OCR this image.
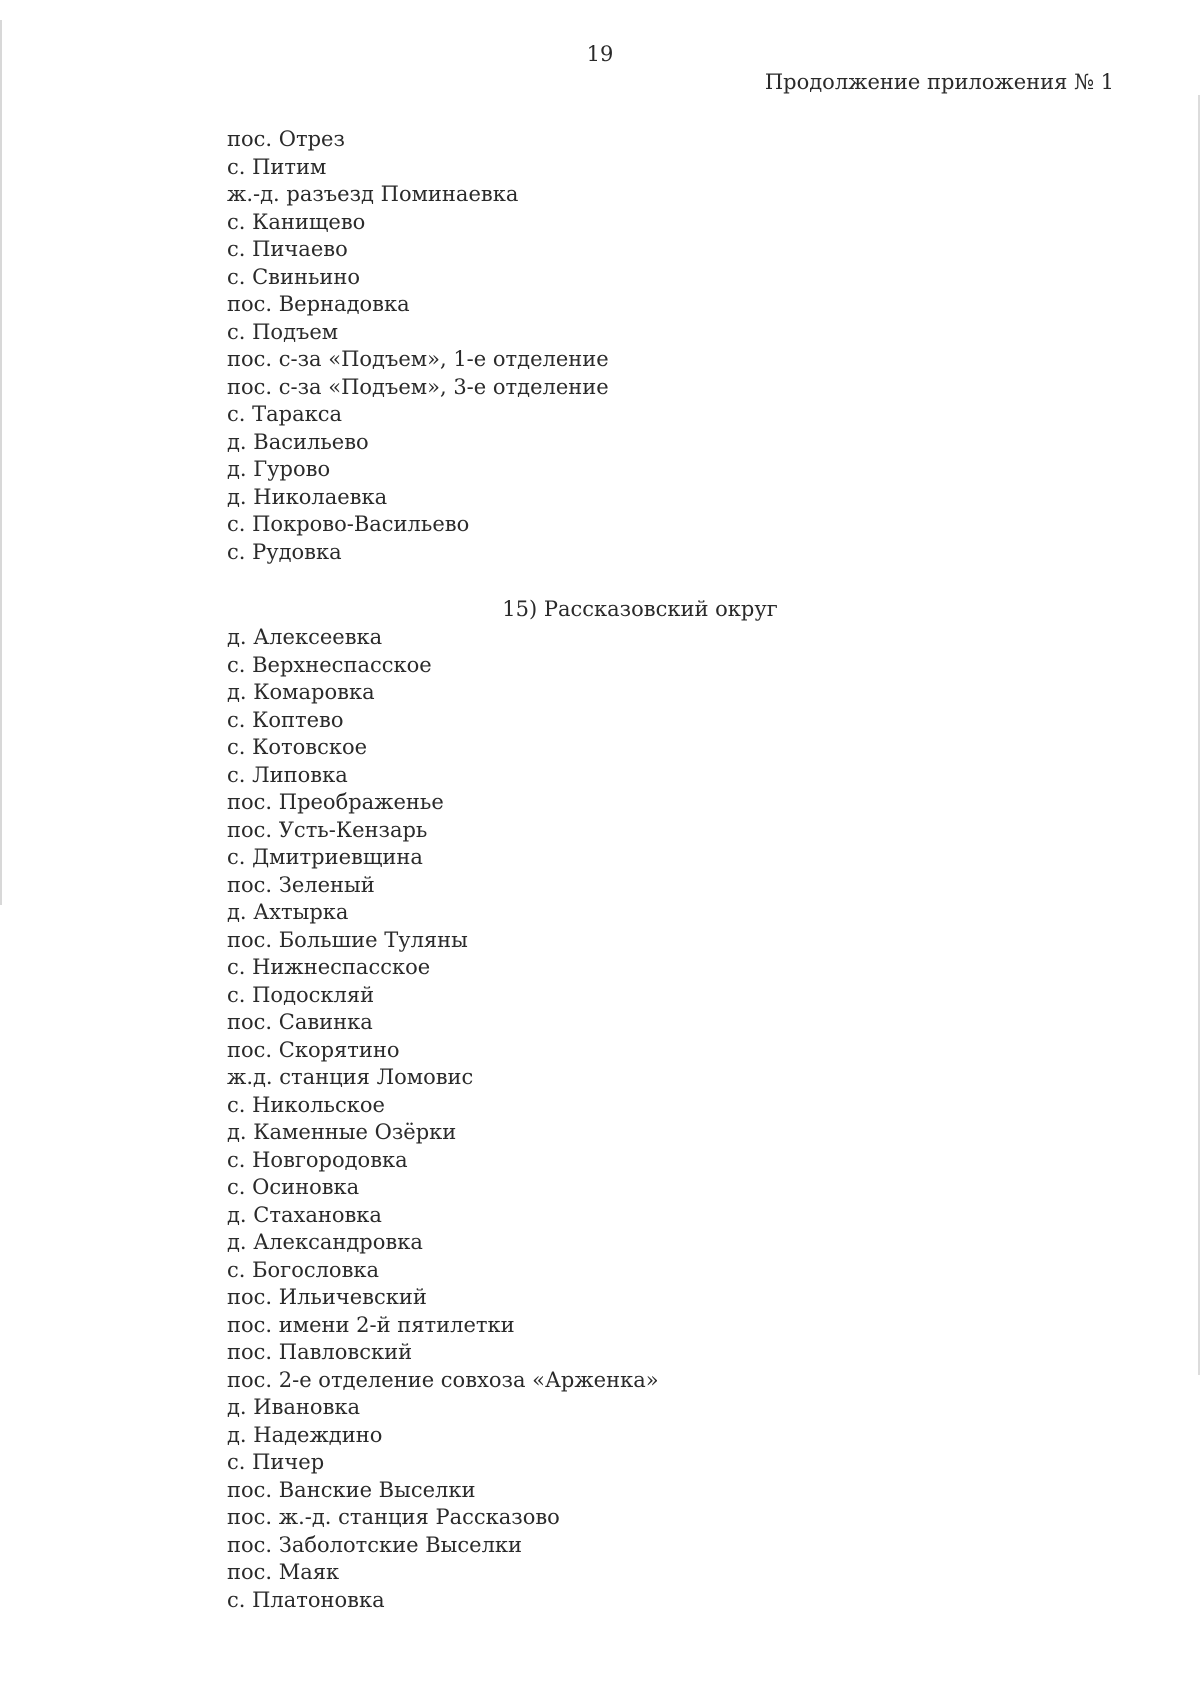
19
Продолжение приложения № 1
пос. Отрез
с. Питим
ж.-д. разъезд Поминаевка
с. Канищево
с. Пичаево
с. Свиньино
пос. Вернадовка
с. Подъем
пос. с-за «Подъем», 1-е отделение
пос. с-за «Подъем», 3-е отделение
с. Таракса
д. Васильево
д. Гурово
д. Николаевка
с. Покрово-Васильево
с. Рудовка
15) Рассказовский округ
д. Алексеевка
с. Верхнеспасское
д. Комаровка
с. Коптево
с. Котовское
с. Липовка
пос. Преображенье
пос. Усть-Кензарь
с. Дмитриевщина
пос. Зеленый
д. Ахтырка
пос. Большие Туляны
с. Нижнеспасское
с. Подоскляй
пос. Савинка
пос. Скорятино
ж.д. станция Ломовис
с. Никольское
д. Каменные Озёрки
с. Новгородовка
с. Осиновка
д. Стахановка
д. Александровка
с. Богословка
пос. Ильичевский
пос. имени 2-й пятилетки
пос. Павловский
пос. 2-е отделение совхоза «Арженка»
д. Ивановка
д. Надеждино
с. Пичер
пос. Ванские Выселки
пос. ж.-д. станция Рассказово
пос. Заболотские Выселки
пос. Маяк
с. Платоновка
